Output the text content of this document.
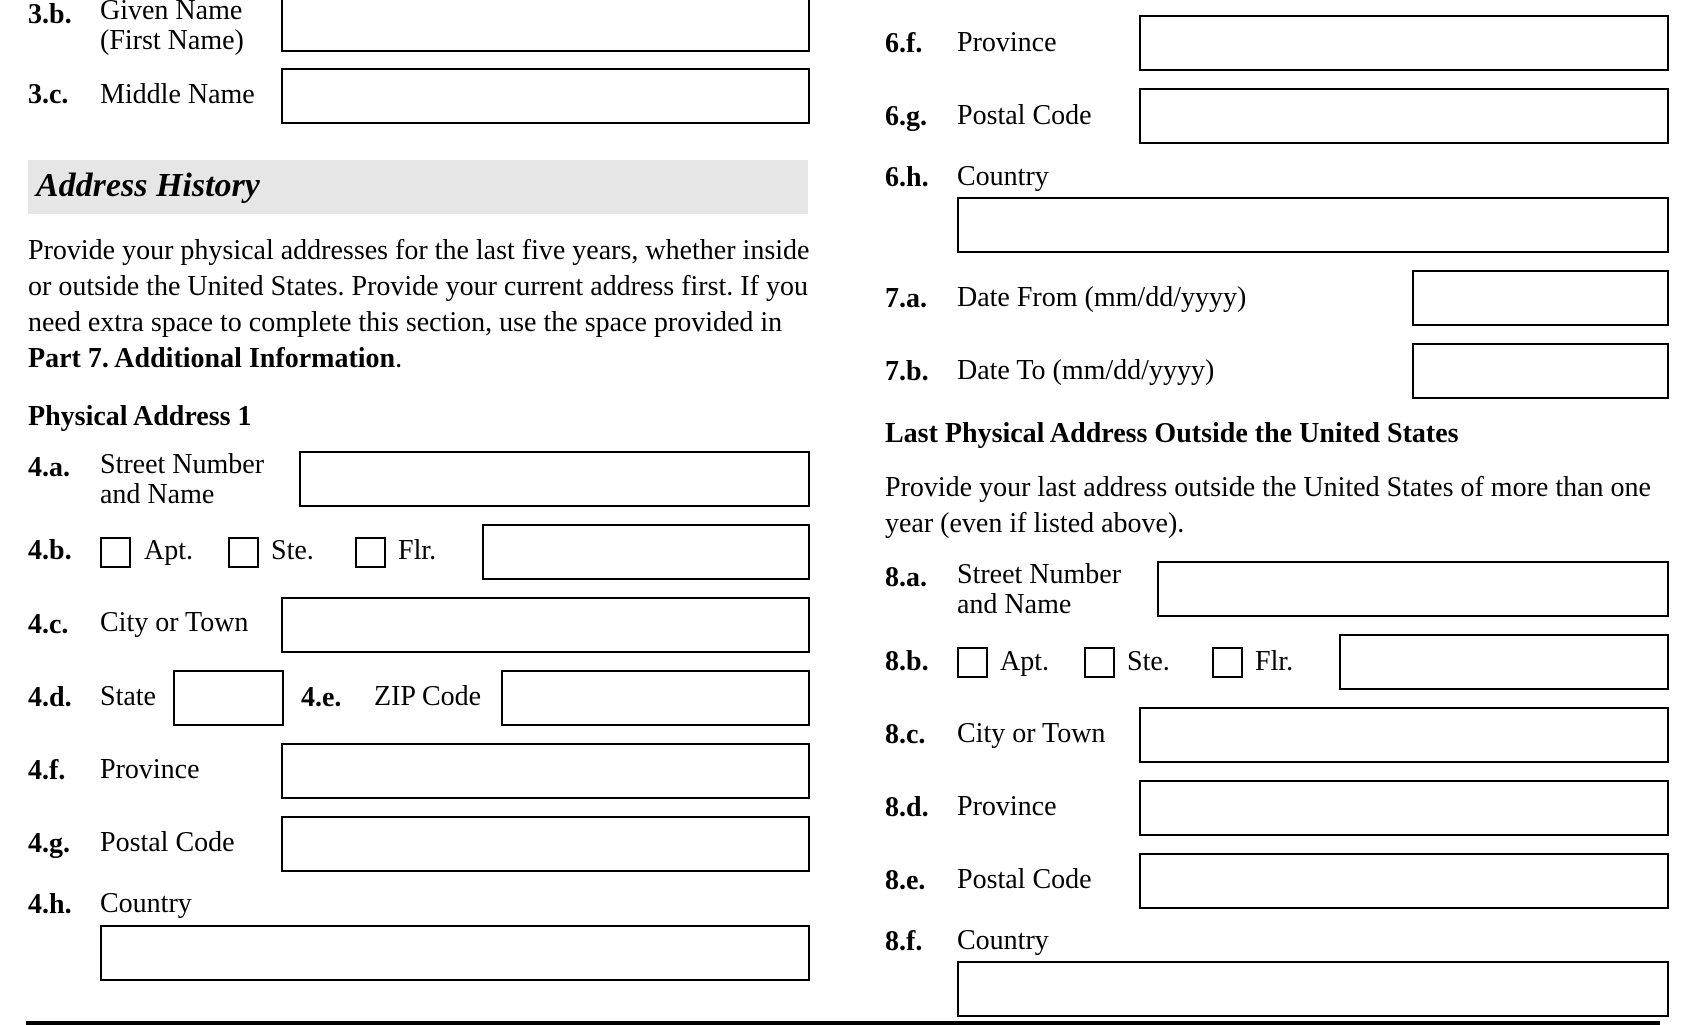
3.b. Given Name (First Name)
3.c. Middle Name
Address History
Provide your physical addresses for the last five years, whether inside or outside the United States. Provide your current address first. If you need extra space to complete this section, use the space provided in Part 7. Additional Information.
Physical Address 1
4.a. Street Number and Name
4.b.	Apt.	Ste.	Flr.
4.c. City or Town
4.d. State	4.e. ZIP Code
4.f. Province
4.g. Postal Code
4.h. Country
6.f. Province
6.g. Postal Code
6.h. Country
7.a. Date From (mm/dd/yyyy)
7.b. Date To (mm/dd/yyyy)
Last Physical Address Outside the United States
Provide your last address outside the United States of more than one year (even if listed above).
8.a. Street Number and Name
8.b.	Apt.	Ste.	Flr.
8.c. City or Town
8.d. Province
8.e. Postal Code
8.f. Country
